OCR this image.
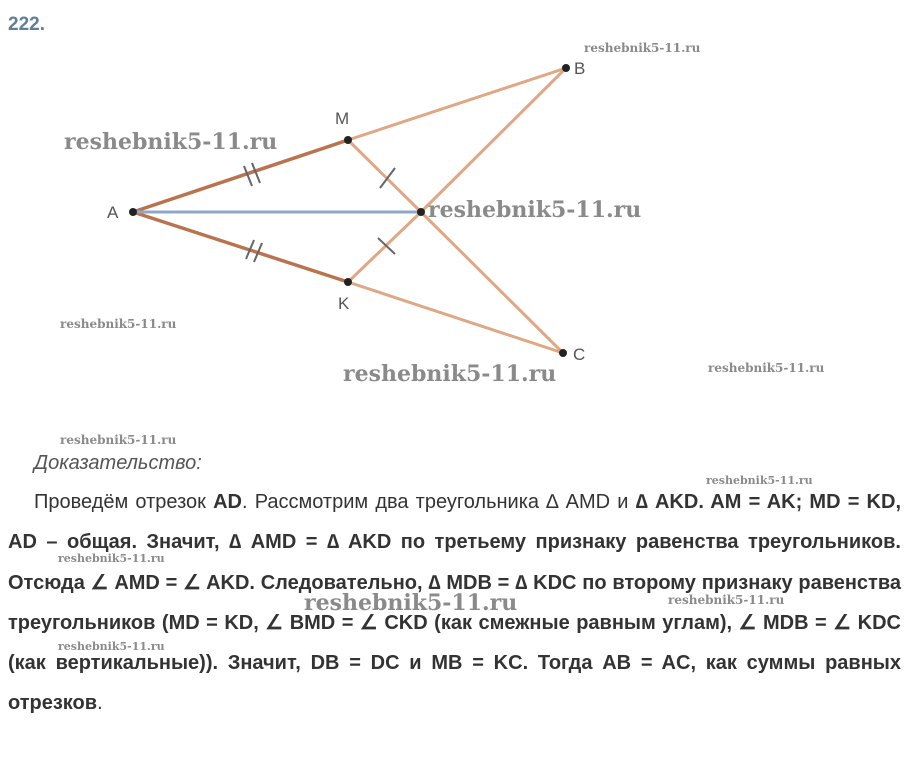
222.
A
M
K
B
C
reshebnik5-11.ru
reshebnik5-11.ru
reshebnik5-11.ru
reshebnik5-11.ru
reshebnik5-11.ru	reshebnik5-11.ru
reshebnik5-11.ru
reshebnik5-11.ru
reshebnik5-11.ru
reshebnik5-11.ru	reshebnik5-11.ru
reshebnik5-11.ru
Доказательство:
Проведём отрезок AD. Рассмотрим два треугольника ∆ AMD и ∆ AKD. AM = AK; MD = KD, AD – общая. Значит, ∆ AMD = ∆ AKD по третьему признаку равенства треугольников. Отсюда ∠ AMD = ∠ AKD. Следовательно, ∆ MDB = ∆ KDC по второму признаку равенства треугольников (MD = KD, ∠ BMD = ∠ CKD (как смежные равным углам), ∠ MDB = ∠ KDC (как вертикальные)). Значит, DB = DC и MB = KC. Тогда AB = AC, как суммы равных отрезков.
